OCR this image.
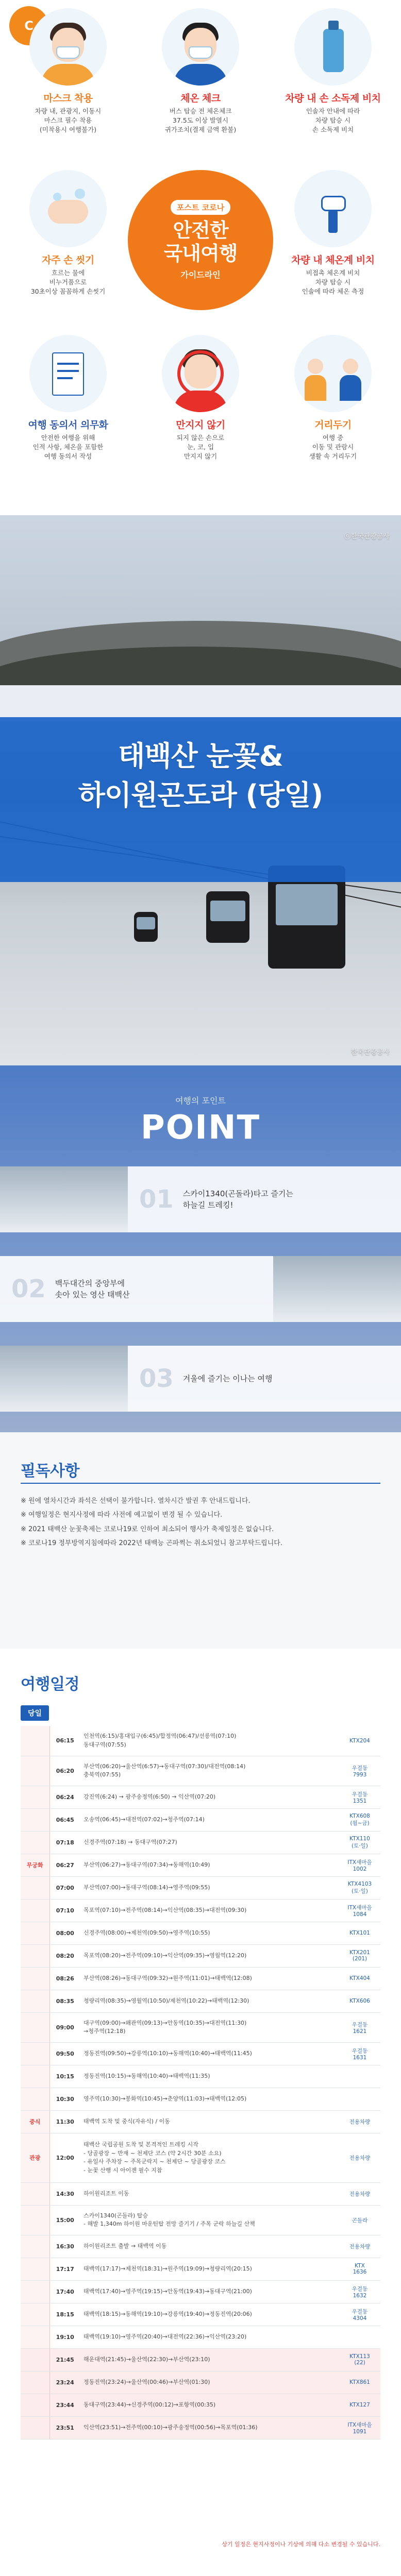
C
마스크 착용
차량 내, 관광지, 이동시
마스크 필수 착용
(미착용시 여행불가)
체온 체크
버스 탑승 전 체온체크
37.5도 이상 발열시
귀가조치(결제 금액 환불)
차량 내 손 소독제 비치
인솔자 안내에 따라
차량 탑승 시
손 소독제 비치
자주 손 씻기
흐르는 물에
비누거품으로
30초이상 꼼꼼하게 손씻기
포스트 코로나
안전한
국내여행
가이드라인
차량 내 체온계 비치
비접촉 체온계 비치
차량 탑승 시
인솔에 따라 체온 측정
여행 동의서 의무화
안전한 여행을 위해
인적 사항, 체온을 포함한
여행 동의서 작성
만지지 않기
되지 않은 손으로
눈, 코, 입
만지지 않기
거리두기
여행 중
이동 및 관람시
생활 속 거리두기
ⓒ한국관광공사
태백산 눈꽃&
하이원곤도라 (당일)
한국관광공사
여행의 포인트
POINT
01 스카이1340(곤돌라)타고 즐기는
하늘길 트레킹!
02 백두대간의 중앙부에
솟아 있는 영산 태백산
03 겨울에 즐기는 이나는 여행
필독사항
※ 원에 열차시간과 좌석은 선택이 불가합니다. 열차시간 발권 후 안내드립니다.
※ 여행일정은 현지사정에 따라 사전에 예고없이 변경 될 수 있습니다.
※ 2021 태백산 눈꽃축제는 코로나19로 인하여 최소되어 행사가 축제일정은 없습니다.
※ 코로나19 정부방역지침에따라 2022년 태백능 곤파쩍는 취소되었니 참고부탁드립니다.
여행일정
당일
	06:15	인천역(6:15)/홍대입구(6:45)/합정역(06:47)/선릉역(07:10)
동대구역(07:55)	KTX204
	06:20	부산역(06:20)→울산역(6:57)→동대구역(07:30)/대전역(08:14)
충북역(07:55)	우걸동
7993
	06:24	강진역(6:24) → 광주송정역(6:50) → 익산역(07:20)	우걸동
1351
	06:45	오송역(06:45)→대전역(07:02)→청주역(07:14)	KTX608
(월~금)
	07:18	신경주역(07:18) → 동대구역(07:27)	KTX110
(토·일)
무궁화	06:27	부산역(06:27)→동대구역(07:34)→동해역(10:49)	ITX새마을
1002
	07:00	부산역(07:00)→동대구역(08:14)→영주역(09:55)	KTX4103
(토·일)
	07:10	목포역(07:10)→전주역(08:14)→익산역(08:35)→대전역(09:30)	ITX새마을
1084
	08:00	신경주역(08:00)→제천역(09:50)→영주역(10:55)	KTX101
	08:20	목포역(08:20)→전주역(09:10)→익산역(09:35)→영월역(12:20)	KTX201
(201)
	08:26	부산역(08:26)→동대구역(09:32)→원주역(11:01)→태백역(12:08)	KTX404
	08:35	청량리역(08:35)→영월역(10:50)/제천역(10:22)→태백역(12:30)	KTX606
	09:00	대구역(09:00)→왜관역(09:13)→안동역(10:35)→대전역(11:30)
→청주역(12:18)	우걸동
1621
	09:50	정동진역(09:50)→강릉역(10:10)→동해역(10:40)→태백역(11:45)	우걸동
1631
	10:15	정동진역(10:15)→동해역(10:40)→태백역(11:35)	
	10:30	영주역(10:30)→봉화역(10:45)→춘양역(11:03)→태백역(12:05)	
중식	11:30	태백역 도착 및 중식(자유식) / 이동	전용차량
관광	12:00	태백산 국립공원 도착 및 본격적인 트레킹 시작
- 당골광장 ~ 반재 ~ 천제단 코스 (약 2시간 30분 소요)
- 유일사 주차장 ~ 주목군락지 ~ 천제단 ~ 당골광장 코스
- 눈꽃 산행 시 아이젠 필수 지참	전용차량
	14:30	하이원리조트 이동	전용차량
	15:00	스카이1340(곤돌라) 탑승
- 해발 1,340m 하이원 마운틴탑 전망 즐기기 / 주목 군락 하늘길 산책	곤돌라
	16:30	하이원리조트 출발 → 태백역 이동	전용차량
	17:17	태백역(17:17)→제천역(18:31)→원주역(19:09)→청량리역(20:15)	KTX
1636
	17:40	태백역(17:40)→영주역(19:15)→안동역(19:43)→동대구역(21:00)	우걸동
1632
	18:15	태백역(18:15)→동해역(19:10)→강릉역(19:40)→정동진역(20:06)	우걸동
4304
	19:10	태백역(19:10)→영주역(20:40)→대전역(22:36)→익산역(23:20)	
	21:45	해운대역(21:45)→울산역(22:30)→부산역(23:10)	KTX113
(22)
	23:24	정동진역(23:24)→울산역(00:46)→부산역(01:30)	KTX861
	23:44	동대구역(23:44)→신경주역(00:12)→포항역(00:35)	KTX127
	23:51	익산역(23:51)→전주역(00:10)→광주송정역(00:56)→목포역(01:36)	ITX새마을
1091
상기 일정은 현지사정이나 기상에 의해 다소 변경될 수 있습니다.
